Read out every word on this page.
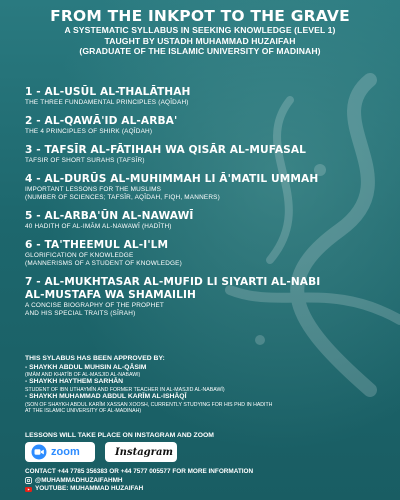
FROM THE INKPOT TO THE GRAVE
A SYSTEMATIC SYLLABUS IN SEEKING KNOWLEDGE (LEVEL 1)
TAUGHT BY USTADH MUHAMMAD HUZAIFAH
(GRADUATE OF THE ISLAMIC UNIVERSITY OF MADINAH)
1 - AL-USŪL AL-THALĀTHAH
THE THREE FUNDAMENTAL PRINCIPLES (AQĪDAH)
2 - AL-QAWĀ'ID AL-ARBA'
THE 4 PRINCIPLES OF SHIRK (AQĪDAH)
3 - TAFSĪR AL-FĀTIHAH WA QISĀR AL-MUFASAL
TAFSIR OF SHORT SURAHS (TAFSĪR)
4 - AL-DURŪS AL-MUHIMMAH LI Ā'MATIL UMMAH
IMPORTANT LESSONS FOR THE MUSLIMS
(NUMBER OF SCIENCES; TAFSĪR, AQĪDAH, FIQH, MANNERS)
5 - AL-ARBA'ŪN AL-NAWAWĪ
40 HADITH OF AL-IMĀM AL-NAWAWĪ (HADĪTH)
6 - TA'THEEMUL AL-I'LM
GLORIFICATION OF KNOWLEDGE
(MANNERISMS OF A STUDENT OF KNOWLEDGE)
7 - AL-MUKHTASAR AL-MUFID LI SIYARTI AL-NABI
AL-MUSTAFA WA SHAMAILIH
A CONCISE BIOGRAPHY OF THE PROPHET
AND HIS SPECIAL TRAITS (SĪRAH)
THIS SYLABUS HAS BEEN APPROVED BY:
- SHAYKH ABDUL MUHSIN AL-QĀSIM
(IMĀM AND KHATĪB OF AL-MASJID AL-NABAWI)
- SHAYKH HAYTHEM SARHĀN
STUDENT OF IBN UTHAYMĪN AND FORMER TEACHER IN AL-MASJID AL-NABAWĪ)
- SHAYKH MUHAMMAD ABDUL KARĪM AL-ISHĀQĪ
(SON OF SHAYKH ABDUL KARĪM XASSAN XOOSH, CURRENTLY STUDYING FOR HIS PHD IN HADITH
AT THE ISLAMIC UNIVERSITY OF AL-MADINAH)
LESSONS WILL TAKE PLACE ON INSTAGRAM AND ZOOM
zoom	Instagram
CONTACT +44 7785 356383 OR +44 7577 005577 FOR MORE INFORMATION
@MUHAMMADHUZAIFAHMH
YOUTUBE: MUHAMMAD HUZAIFAH
